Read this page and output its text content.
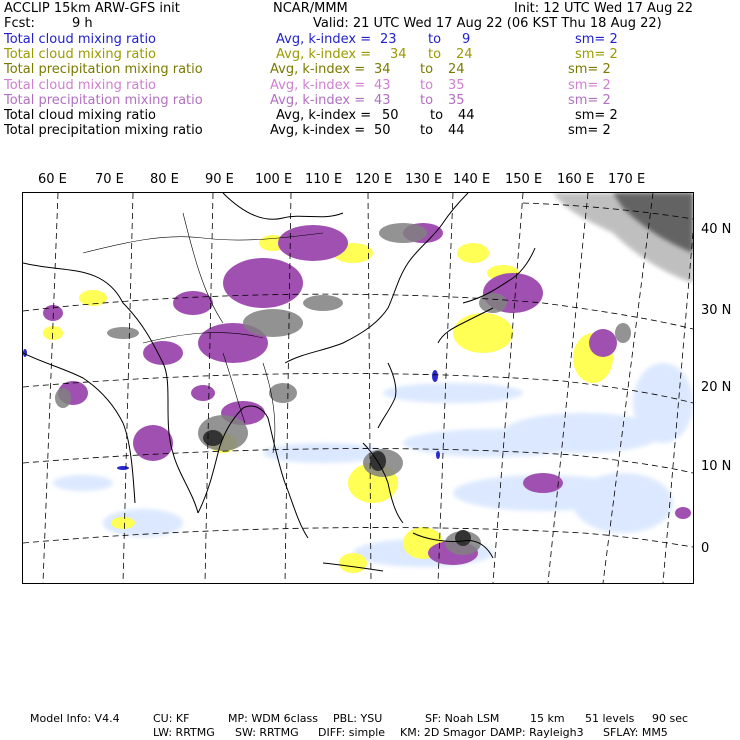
ACCLIP 15km ARW-GFS init	NCAR/MMM	Init: 12 UTC Wed 17 Aug 22
Fcst:	9 h	Valid: 21 UTC Wed 17 Aug 22 (06 KST Thu 18 Aug 22)
Total cloud mixing ratio	Avg, k-index = 23 to 9	sm= 2
Total cloud mixing ratio	Avg, k-index = 34 to 24	sm= 2
Total precipitation mixing ratio	Avg, k-index = 34 to 24	sm= 2
Total cloud mixing ratio	Avg, k-index = 43 to 35	sm= 2
Total precipitation mixing ratio	Avg, k-index = 43 to 35	sm= 2
Total cloud mixing ratio	Avg, k-index = 50 to 44	sm= 2
Total precipitation mixing ratio	Avg, k-index = 50 to 44	sm= 2
60 E 70 E 80 E 90 E 100 E 110 E 120 E 130 E 140 E 150 E 160 E 170 E
40 N
30 N
20 N
10 N
0
Model Info: V4.4	CU: KF	MP: WDM 6class PBL: YSU	SF: Noah LSM	15 km 51 levels 90 sec
LW: RRTMG SW: RRTMG DIFF: simple KM: 2D Smagor DAMP: Rayleigh3 SFLAY: MM5
